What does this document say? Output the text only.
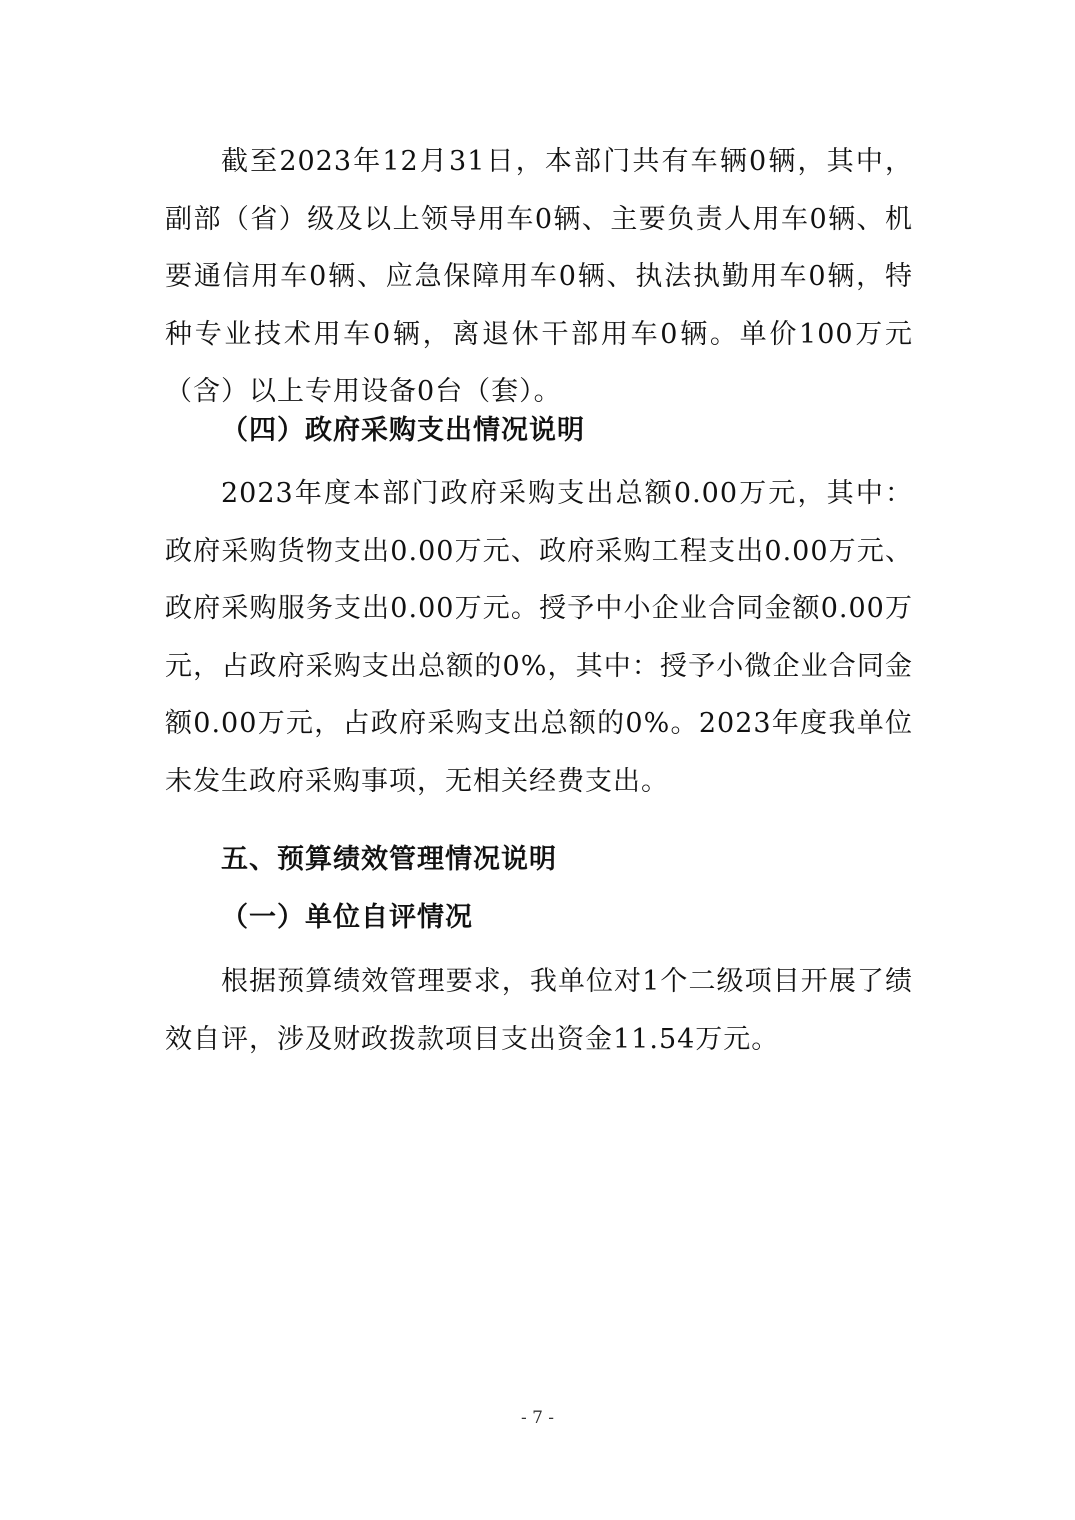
截至2023年12月31日，本部门共有车辆0辆，其中，副部（省）级及以上领导用车0辆、主要负责人用车0辆、机要通信用车0辆、应急保障用车0辆、执法执勤用车0辆，特种专业技术用车0辆，离退休干部用车0辆。单价100万元（含）以上专用设备0台（套）。

（四）政府采购支出情况说明

2023年度本部门政府采购支出总额0.00万元，其中：政府采购货物支出0.00万元、政府采购工程支出0.00万元、政府采购服务支出0.00万元。授予中小企业合同金额0.00万元，占政府采购支出总额的0%，其中：授予小微企业合同金额0.00万元，占政府采购支出总额的0%。2023年度我单位未发生政府采购事项，无相关经费支出。

五、预算绩效管理情况说明
（一）单位自评情况

根据预算绩效管理要求，我单位对1个二级项目开展了绩效自评，涉及财政拨款项目支出资金11.54万元。

- 7 -
